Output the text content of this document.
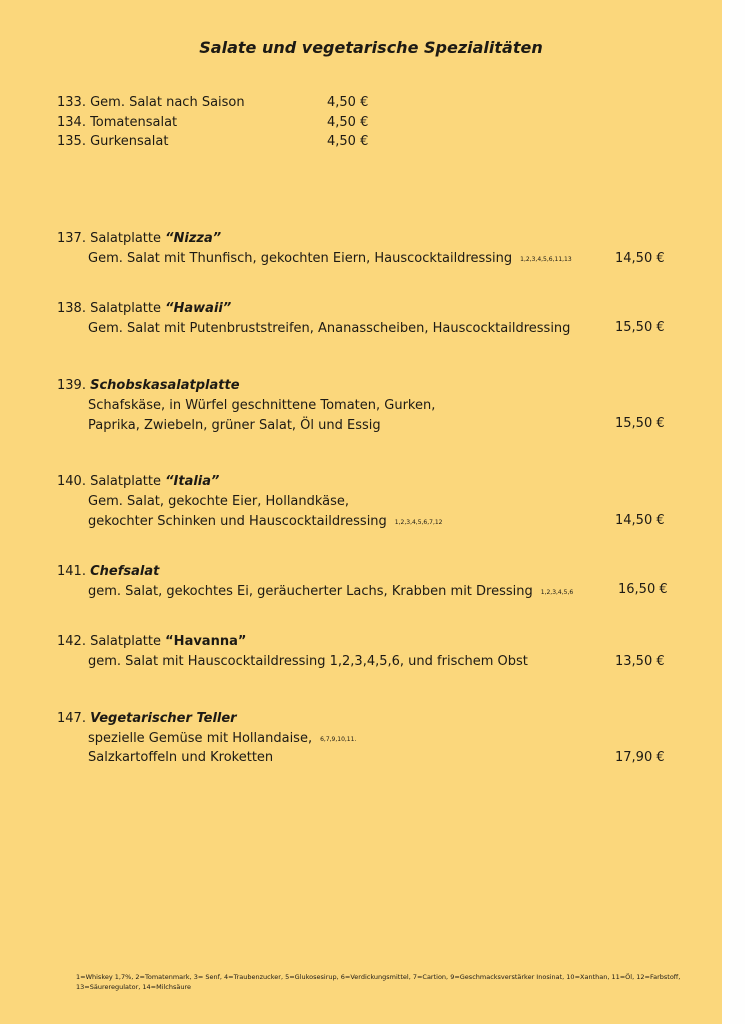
Salate und vegetarische Spezialitäten
133. Gem. Salat nach Saison	4,50 €
134. Tomatensalat	4,50 €
135. Gurkensalat	4,50 €
137. Salatplatte “Nizza”
Gem. Salat mit Thunfisch, gekochten Eiern, Hauscocktaildressing 1,2,3,4,5,6,11,13	14,50 €
138. Salatplatte “Hawaii”
Gem. Salat mit Putenbruststreifen, Ananasscheiben, Hauscocktaildressing	15,50 €
139. Schobskasalatplatte
Schafskäse, in Würfel geschnittene Tomaten, Gurken,
Paprika, Zwiebeln, grüner Salat, Öl und Essig	15,50 €
140. Salatplatte “Italia”
Gem. Salat, gekochte Eier, Hollandkäse,
gekochter Schinken und Hauscocktaildressing 1,2,3,4,5,6,7,12	14,50 €
141. Chefsalat
gem. Salat, gekochtes Ei, geräucherter Lachs, Krabben mit Dressing 1,2,3,4,5,6	16,50 €
142. Salatplatte “Havanna”
gem. Salat mit Hauscocktaildressing 1,2,3,4,5,6, und frischem Obst	13,50 €
147. Vegetarischer Teller
spezielle Gemüse mit Hollandaise, 6,7,9,10,11.
Salzkartoffeln und Kroketten	17,90 €
1=Whiskey 1,7%, 2=Tomatenmark, 3= Senf, 4=Traubenzucker, 5=Glukosesirup, 6=Verdickungsmittel, 7=Cartion, 9=Geschmacksverstärker Inosinat, 10=Xanthan, 11=Öl, 12=Farbstoff,
13=Säureregulator, 14=Milchsäure
